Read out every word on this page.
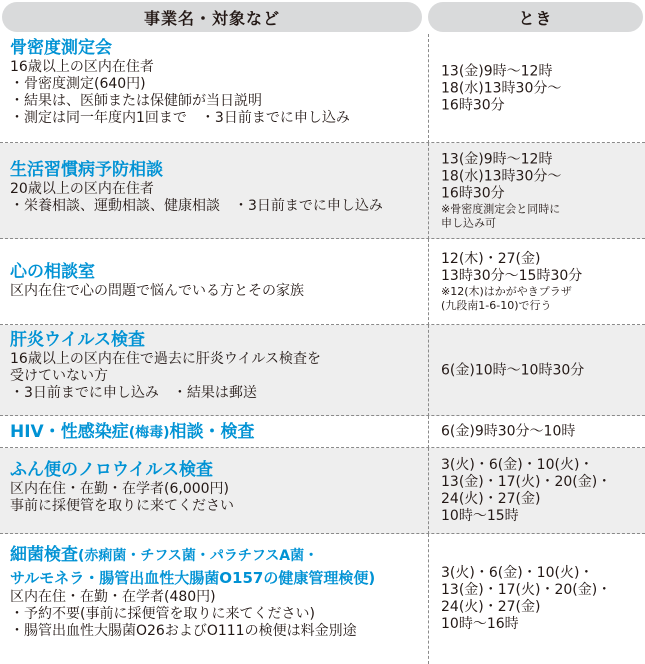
事業名・対象など	とき
骨密度測定会
16歳以上の区内在住者
・骨密度測定(640円)
・結果は、医師または保健師が当日説明
・測定は同一年度内1回まで　・3日前までに申し込み
13(金)9時～12時
18(水)13時30分～
16時30分
生活習慣病予防相談
20歳以上の区内在住者
・栄養相談、運動相談、健康相談　・3日前までに申し込み
13(金)9時～12時
18(水)13時30分～
16時30分
※骨密度測定会と同時に
申し込み可
心の相談室
区内在住で心の問題で悩んでいる方とその家族
12(木)・27(金)
13時30分～15時30分
※12(木)はかがやきプラザ
(九段南1-6-10)で行う
肝炎ウイルス検査
16歳以上の区内在住で過去に肝炎ウイルス検査を
受けていない方
・3日前までに申し込み　・結果は郵送
6(金)10時～10時30分
HIV・性感染症(梅毒)相談・検査	6(金)9時30分～10時
ふん便のノロウイルス検査
区内在住・在勤・在学者(6,000円)
事前に採便管を取りに来てください
3(火)・6(金)・10(火)・
13(金)・17(火)・20(金)・
24(火)・27(金)
10時～15時
細菌検査(赤痢菌・チフス菌・パラチフスA菌・
サルモネラ・腸管出血性大腸菌O157の健康管理検便)
区内在住・在勤・在学者(480円)
・予約不要(事前に採便管を取りに来てください)
・腸管出血性大腸菌O26およびO111の検便は料金別途
3(火)・6(金)・10(火)・
13(金)・17(火)・20(金)・
24(火)・27(金)
10時～16時
